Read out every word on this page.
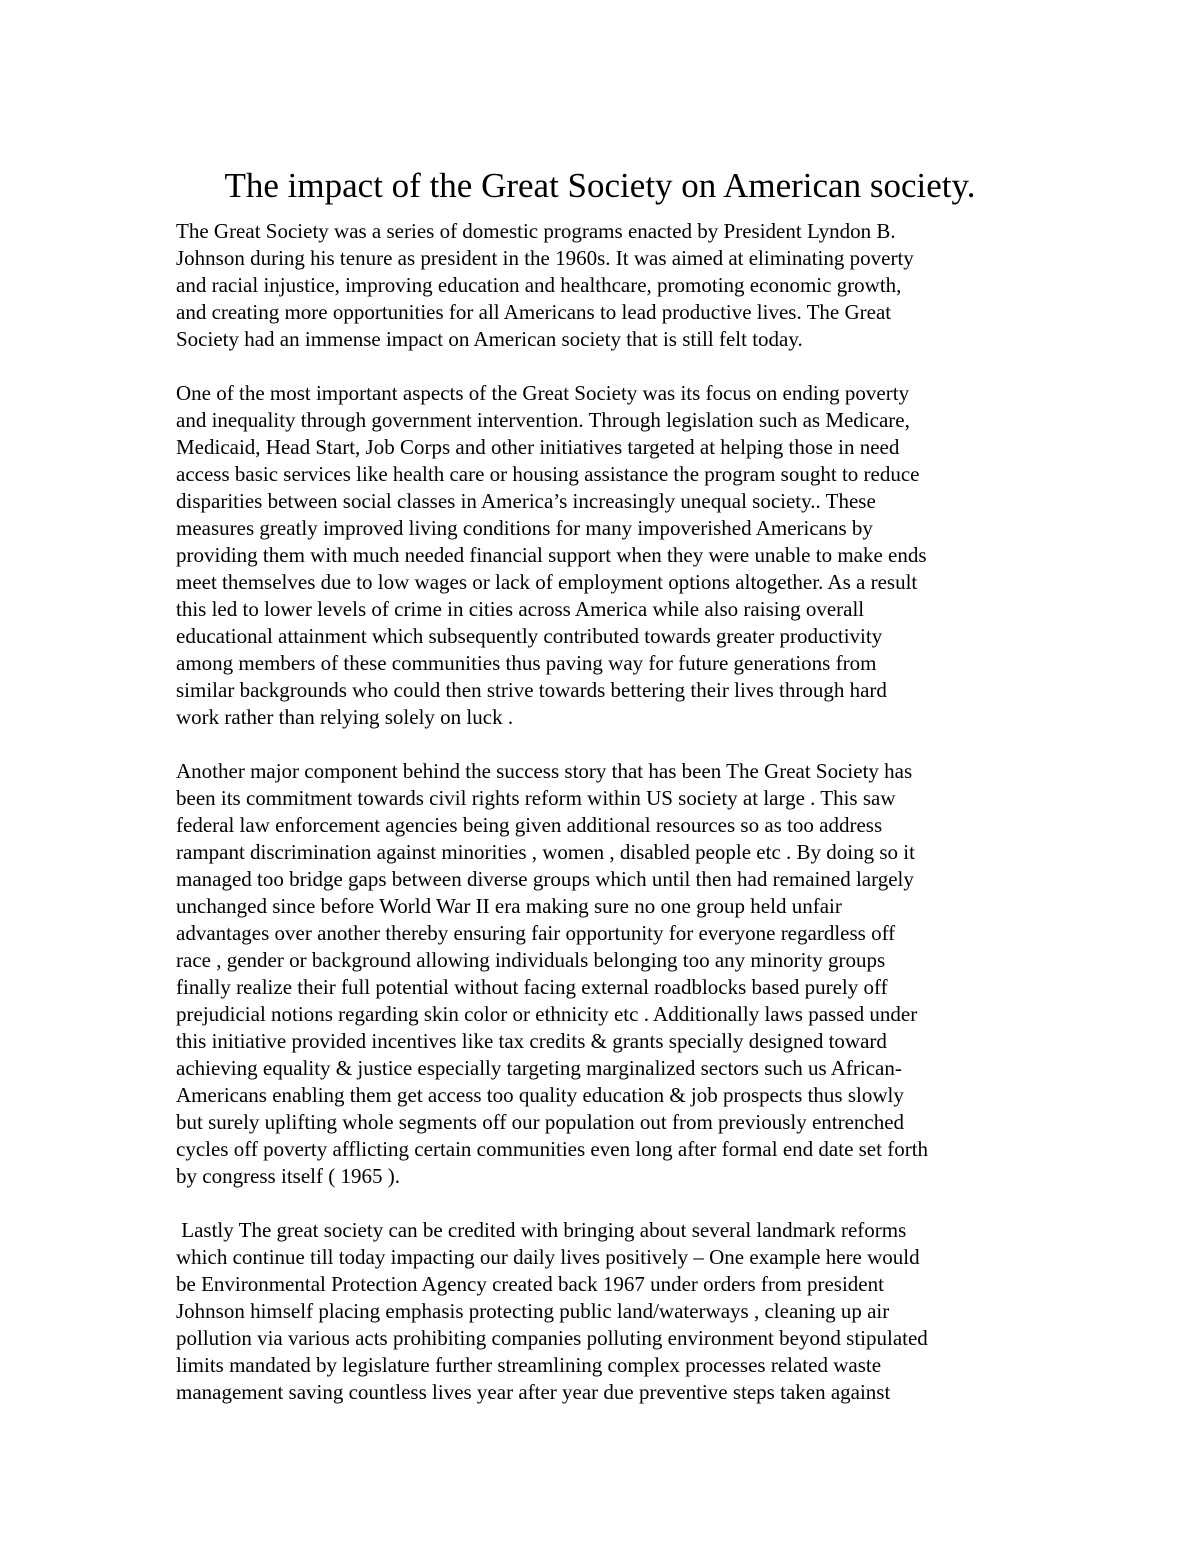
The impact of the Great Society on American society.
The Great Society was a series of domestic programs enacted by President Lyndon B.
Johnson during his tenure as president in the 1960s. It was aimed at eliminating poverty
and racial injustice, improving education and healthcare, promoting economic growth,
and creating more opportunities for all Americans to lead productive lives. The Great
Society had an immense impact on American society that is still felt today.
One of the most important aspects of the Great Society was its focus on ending poverty
and inequality through government intervention. Through legislation such as Medicare,
Medicaid, Head Start, Job Corps and other initiatives targeted at helping those in need
access basic services like health care or housing assistance the program sought to reduce
disparities between social classes in America’s increasingly unequal society.. These
measures greatly improved living conditions for many impoverished Americans by
providing them with much needed financial support when they were unable to make ends
meet themselves due to low wages or lack of employment options altogether. As a result
this led to lower levels of crime in cities across America while also raising overall
educational attainment which subsequently contributed towards greater productivity
among members of these communities thus paving way for future generations from
similar backgrounds who could then strive towards bettering their lives through hard
work rather than relying solely on luck .
Another major component behind the success story that has been The Great Society has
been its commitment towards civil rights reform within US society at large . This saw
federal law enforcement agencies being given additional resources so as too address
rampant discrimination against minorities , women , disabled people etc . By doing so it
managed too bridge gaps between diverse groups which until then had remained largely
unchanged since before World War II era making sure no one group held unfair
advantages over another thereby ensuring fair opportunity for everyone regardless off
race , gender or background allowing individuals belonging too any minority groups
finally realize their full potential without facing external roadblocks based purely off
prejudicial notions regarding skin color or ethnicity etc . Additionally laws passed under
this initiative provided incentives like tax credits & grants specially designed toward
achieving equality & justice especially targeting marginalized sectors such us African-
Americans enabling them get access too quality education & job prospects thus slowly
but surely uplifting whole segments off our population out from previously entrenched
cycles off poverty afflicting certain communities even long after formal end date set forth
by congress itself ( 1965 ).
Lastly The great society can be credited with bringing about several landmark reforms
which continue till today impacting our daily lives positively – One example here would
be Environmental Protection Agency created back 1967 under orders from president
Johnson himself placing emphasis protecting public land/waterways , cleaning up air
pollution via various acts prohibiting companies polluting environment beyond stipulated
limits mandated by legislature further streamlining complex processes related waste
management saving countless lives year after year due preventive steps taken against
